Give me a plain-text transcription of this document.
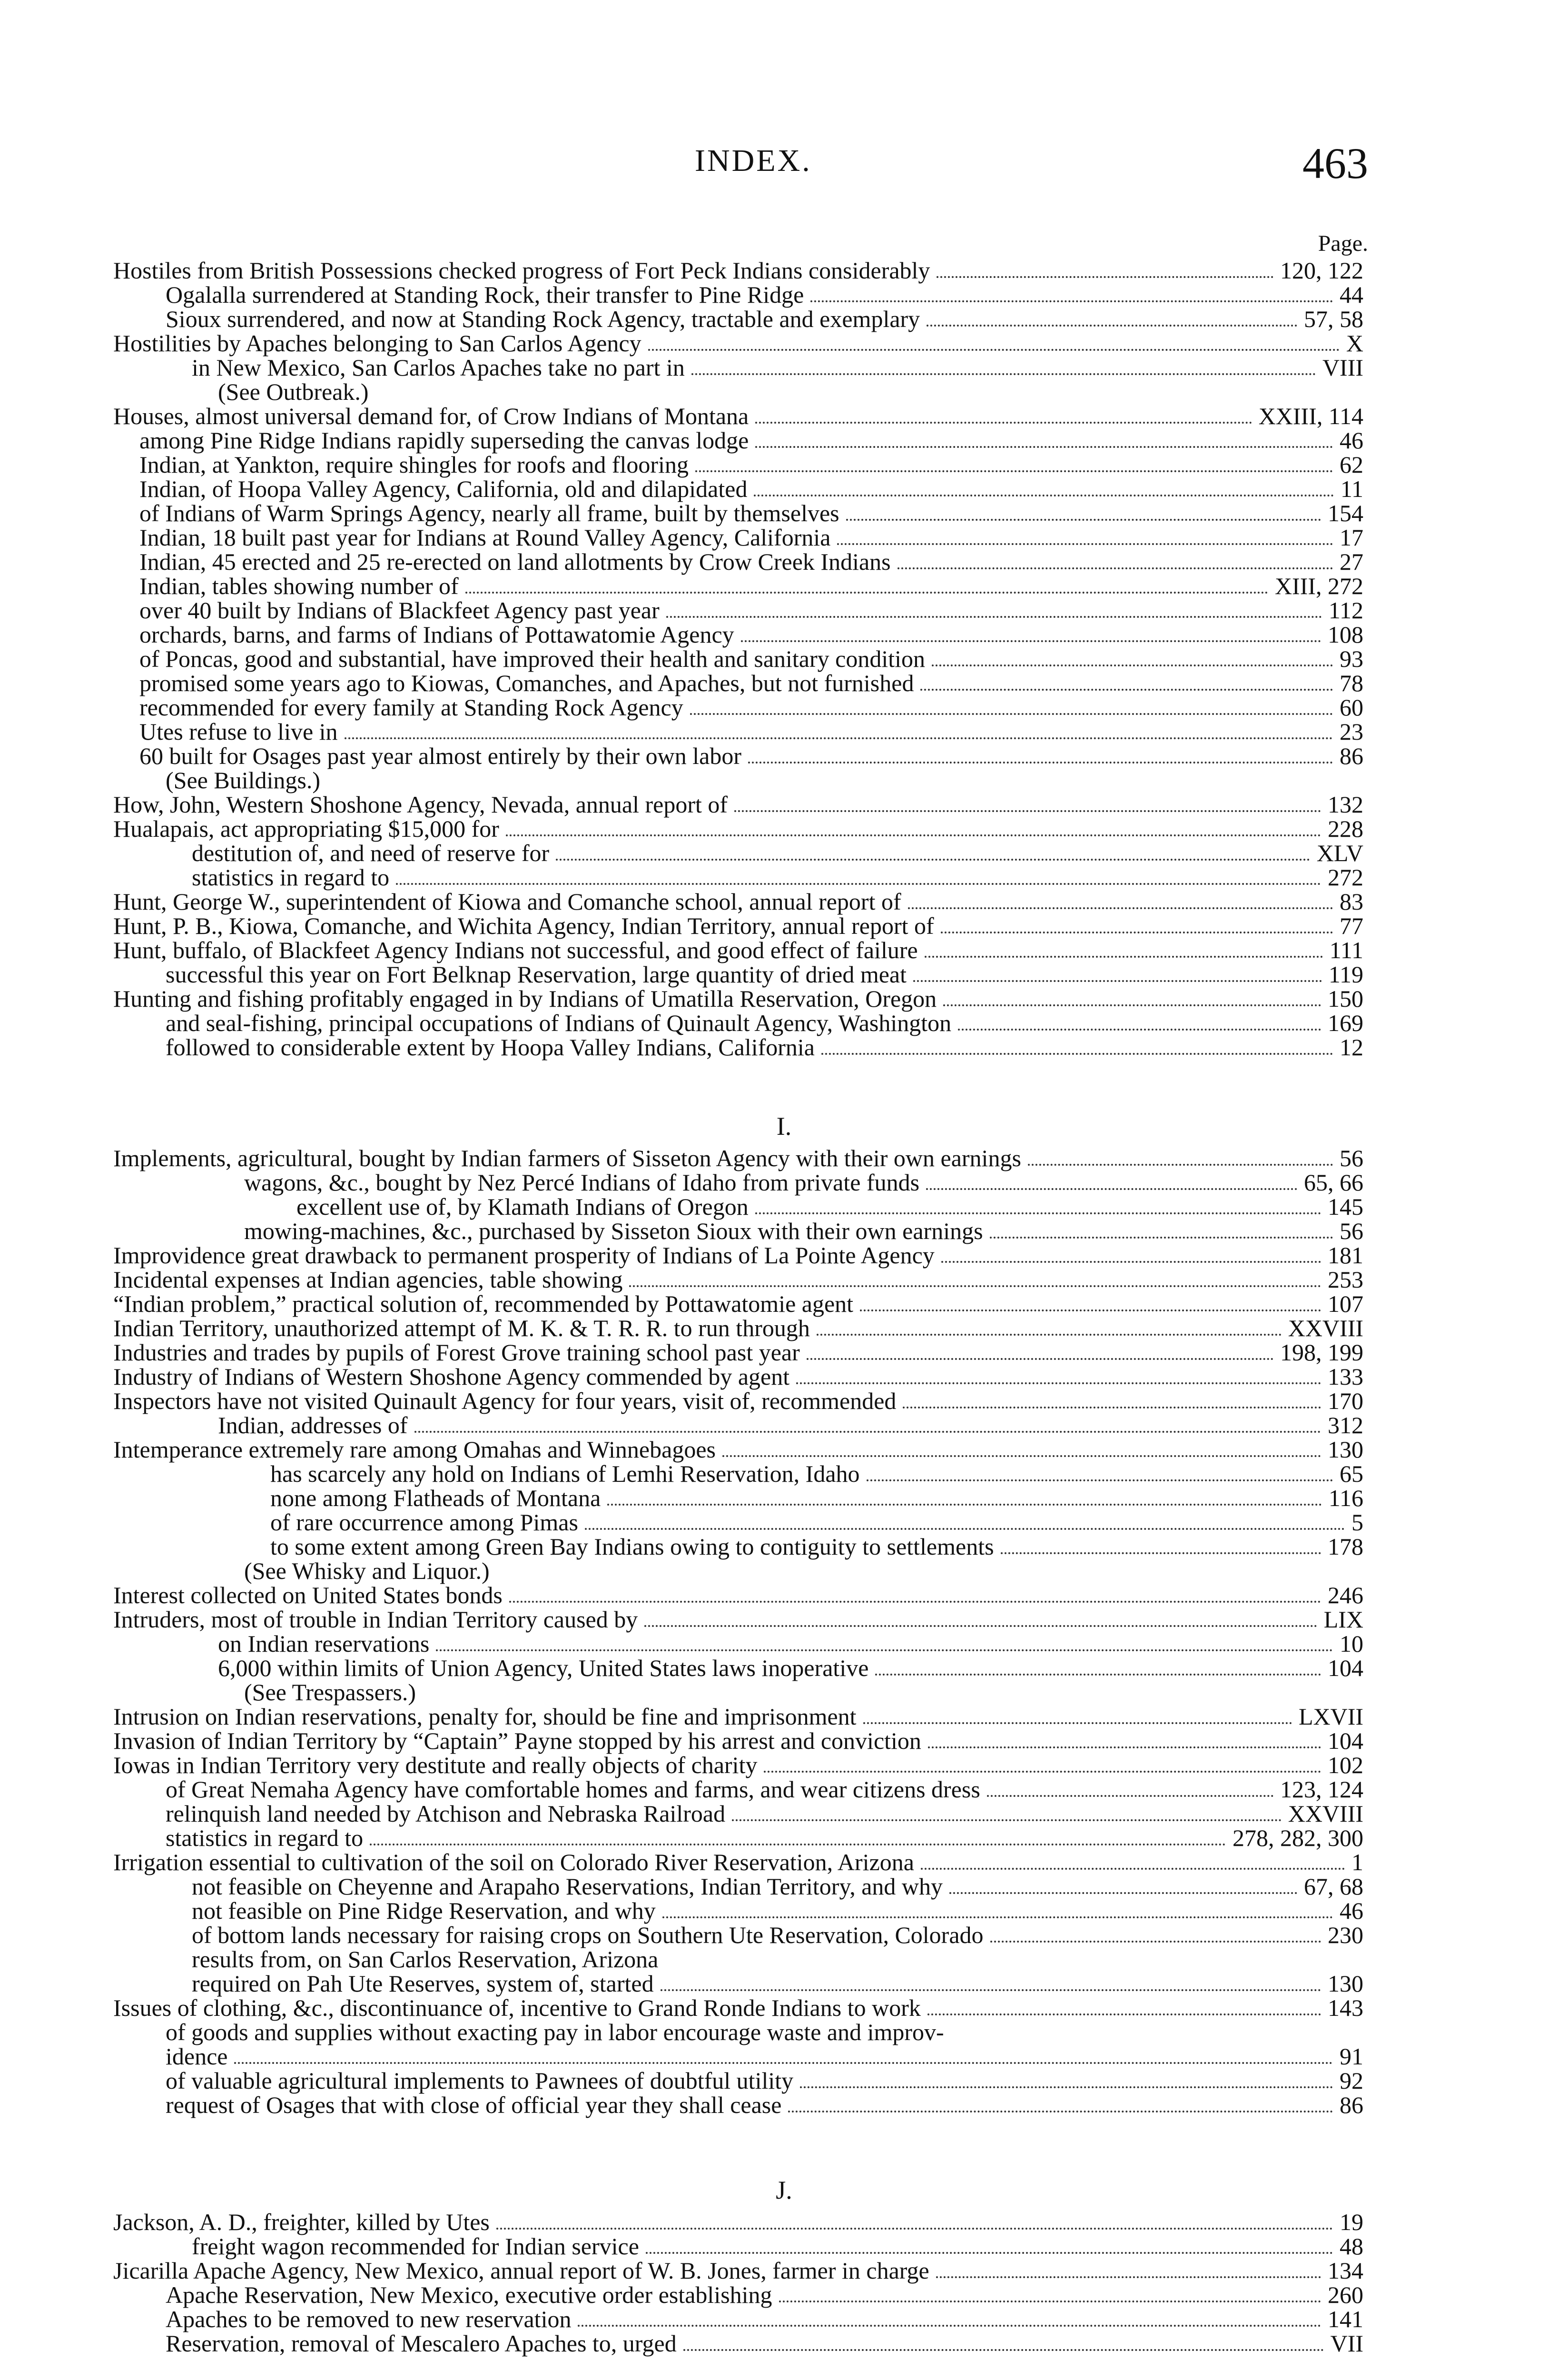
INDEX.	463
Page.
Hostiles from British Possessions checked progress of Fort Peck Indians considerably	120, 122
Ogalalla surrendered at Standing Rock, their transfer to Pine Ridge	44
Sioux surrendered, and now at Standing Rock Agency, tractable and exemplary	57, 58
Hostilities by Apaches belonging to San Carlos Agency	X
in New Mexico, San Carlos Apaches take no part in	VIII
(See Outbreak.)
Houses, almost universal demand for, of Crow Indians of Montana	XXIII, 114
among Pine Ridge Indians rapidly superseding the canvas lodge	46
Indian, at Yankton, require shingles for roofs and flooring	62
Indian, of Hoopa Valley Agency, California, old and dilapidated	11
of Indians of Warm Springs Agency, nearly all frame, built by themselves	154
Indian, 18 built past year for Indians at Round Valley Agency, California	17
Indian, 45 erected and 25 re-erected on land allotments by Crow Creek Indians	27
Indian, tables showing number of	XIII, 272
over 40 built by Indians of Blackfeet Agency past year	112
orchards, barns, and farms of Indians of Pottawatomie Agency	108
of Poncas, good and substantial, have improved their health and sanitary condition	93
promised some years ago to Kiowas, Comanches, and Apaches, but not furnished	78
recommended for every family at Standing Rock Agency	60
Utes refuse to live in	23
60 built for Osages past year almost entirely by their own labor	86
(See Buildings.)
How, John, Western Shoshone Agency, Nevada, annual report of	132
Hualapais, act appropriating $15,000 for	228
destitution of, and need of reserve for	XLV
statistics in regard to	272
Hunt, George W., superintendent of Kiowa and Comanche school, annual report of	83
Hunt, P. B., Kiowa, Comanche, and Wichita Agency, Indian Territory, annual report of	77
Hunt, buffalo, of Blackfeet Agency Indians not successful, and good effect of failure	111
successful this year on Fort Belknap Reservation, large quantity of dried meat	119
Hunting and fishing profitably engaged in by Indians of Umatilla Reservation, Oregon	150
and seal-fishing, principal occupations of Indians of Quinault Agency, Washington	169
followed to considerable extent by Hoopa Valley Indians, California	12
I.
Implements, agricultural, bought by Indian farmers of Sisseton Agency with their own earnings	56
wagons, &c., bought by Nez Percé Indians of Idaho from private funds	65, 66
excellent use of, by Klamath Indians of Oregon	145
mowing-machines, &c., purchased by Sisseton Sioux with their own earnings	56
Improvidence great drawback to permanent prosperity of Indians of La Pointe Agency	181
Incidental expenses at Indian agencies, table showing	253
“Indian problem,” practical solution of, recommended by Pottawatomie agent	107
Indian Territory, unauthorized attempt of M. K. & T. R. R. to run through	XXVIII
Industries and trades by pupils of Forest Grove training school past year	198, 199
Industry of Indians of Western Shoshone Agency commended by agent	133
Inspectors have not visited Quinault Agency for four years, visit of, recommended	170
Indian, addresses of	312
Intemperance extremely rare among Omahas and Winnebagoes	130
has scarcely any hold on Indians of Lemhi Reservation, Idaho	65
none among Flatheads of Montana	116
of rare occurrence among Pimas	5
to some extent among Green Bay Indians owing to contiguity to settlements	178
(See Whisky and Liquor.)
Interest collected on United States bonds	246
Intruders, most of trouble in Indian Territory caused by	LIX
on Indian reservations	10
6,000 within limits of Union Agency, United States laws inoperative	104
(See Trespassers.)
Intrusion on Indian reservations, penalty for, should be fine and imprisonment	LXVII
Invasion of Indian Territory by “Captain” Payne stopped by his arrest and conviction	104
Iowas in Indian Territory very destitute and really objects of charity	102
of Great Nemaha Agency have comfortable homes and farms, and wear citizens dress	123, 124
relinquish land needed by Atchison and Nebraska Railroad	XXVIII
statistics in regard to	278, 282, 300
Irrigation essential to cultivation of the soil on Colorado River Reservation, Arizona	1
not feasible on Cheyenne and Arapaho Reservations, Indian Territory, and why	67, 68
not feasible on Pine Ridge Reservation, and why	46
of bottom lands necessary for raising crops on Southern Ute Reservation, Colorado	230
results from, on San Carlos Reservation, Arizona
required on Pah Ute Reserves, system of, started	130
Issues of clothing, &c., discontinuance of, incentive to Grand Ronde Indians to work	143
of goods and supplies without exacting pay in labor encourage waste and improv-
idence	91
of valuable agricultural implements to Pawnees of doubtful utility	92
request of Osages that with close of official year they shall cease	86
J.
Jackson, A. D., freighter, killed by Utes	19
freight wagon recommended for Indian service	48
Jicarilla Apache Agency, New Mexico, annual report of W. B. Jones, farmer in charge	134
Apache Reservation, New Mexico, executive order establishing	260
Apaches to be removed to new reservation	141
Reservation, removal of Mescalero Apaches to, urged	VII
